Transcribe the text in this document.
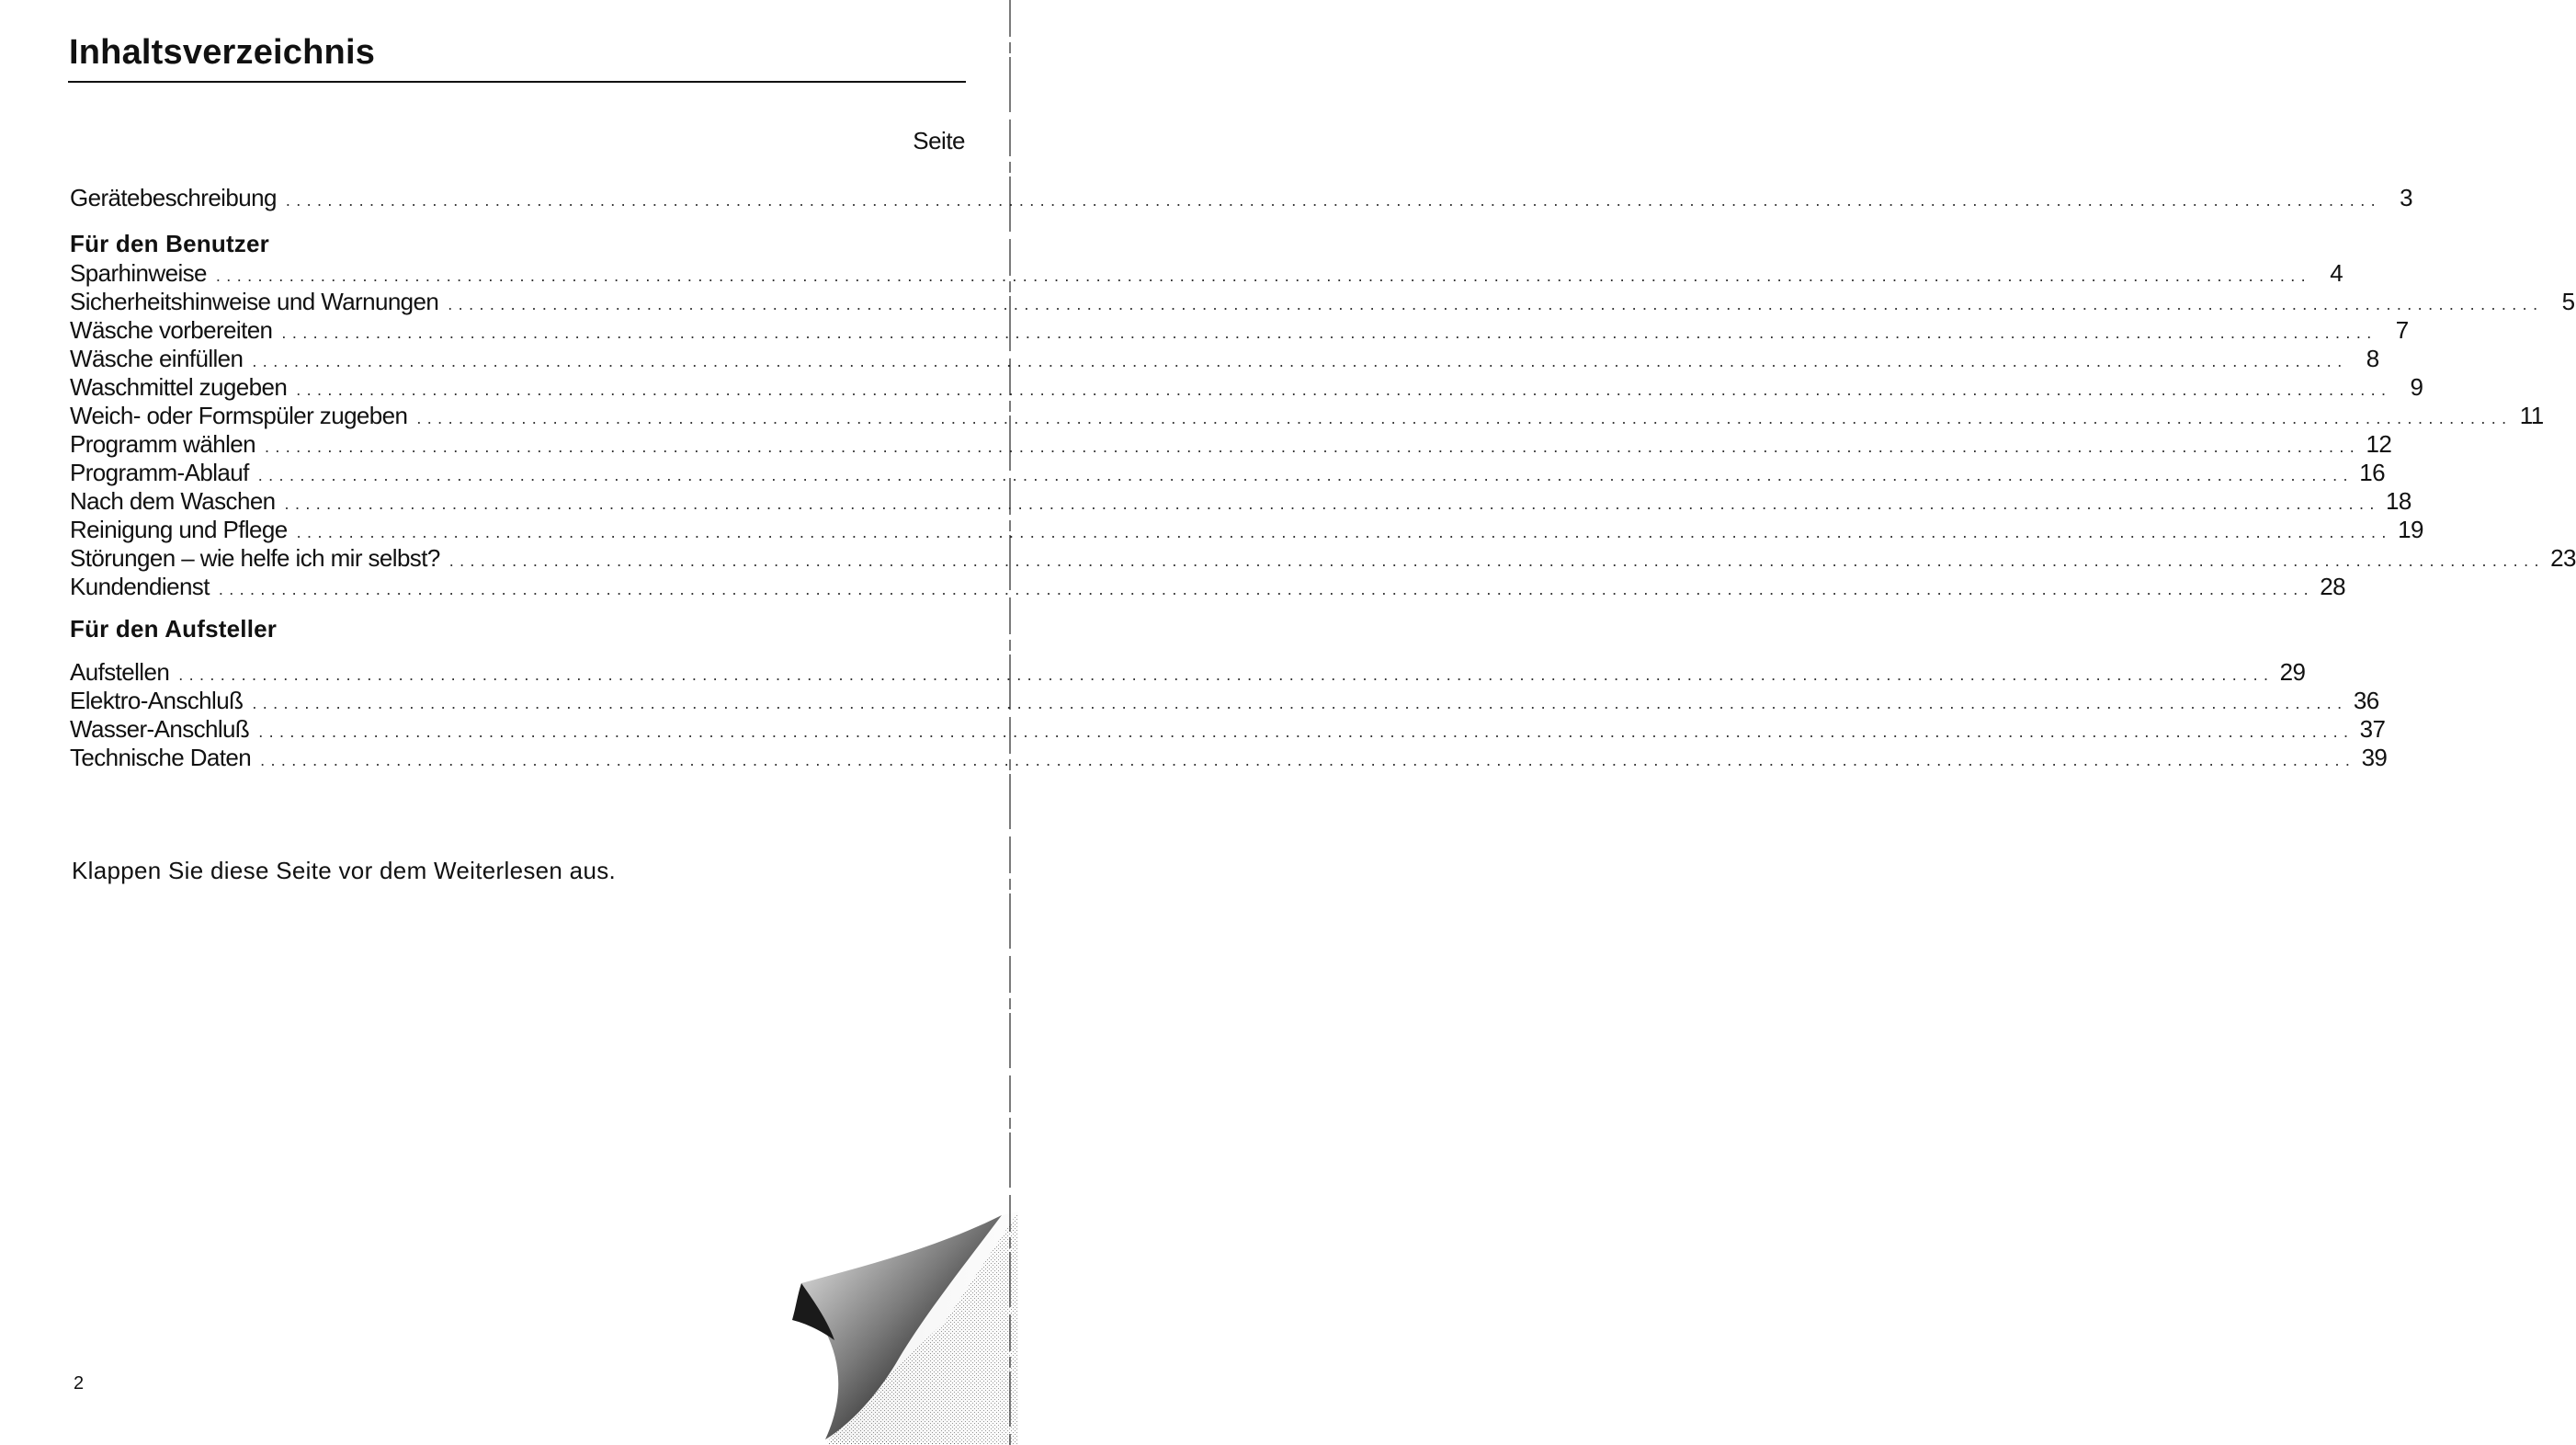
Inhaltsverzeichnis
Seite
Gerätebeschreibung ........................................................................................................................................................................................................ 3
Für den Benutzer
Sparhinweise ........................................................................................................................................................................................................ 4
Sicherheitshinweise und Warnungen ........................................................................................................................................................................................................ 5
Wäsche vorbereiten ........................................................................................................................................................................................................ 7
Wäsche einfüllen ........................................................................................................................................................................................................ 8
Waschmittel zugeben ........................................................................................................................................................................................................ 9
Weich- oder Formspüler zugeben ........................................................................................................................................................................................................ 11
Programm wählen ........................................................................................................................................................................................................ 12
Programm-Ablauf ........................................................................................................................................................................................................ 16
Nach dem Waschen ........................................................................................................................................................................................................ 18
Reinigung und Pflege ........................................................................................................................................................................................................ 19
Störungen – wie helfe ich mir selbst? ........................................................................................................................................................................................................ 23
Kundendienst ........................................................................................................................................................................................................ 28
Für den Aufsteller
Aufstellen ........................................................................................................................................................................................................ 29
Elektro-Anschluß ........................................................................................................................................................................................................ 36
Wasser-Anschluß ........................................................................................................................................................................................................ 37
Technische Daten ........................................................................................................................................................................................................ 39
Klappen Sie diese Seite vor dem Weiterlesen aus.
2
